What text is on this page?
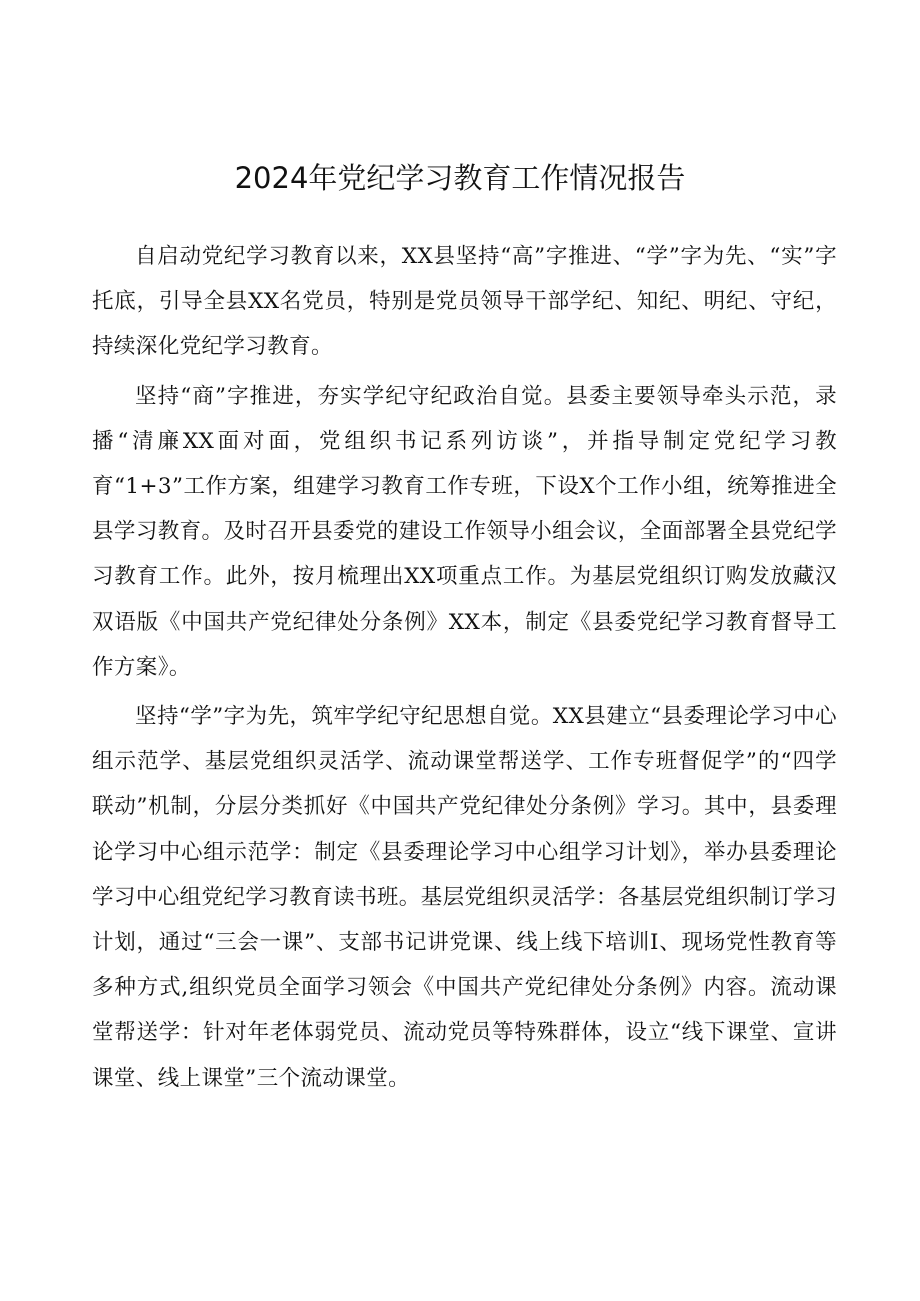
2024年党纪学习教育工作情况报告

自启动党纪学习教育以来，XX县坚持“高”字推进、“学”字为先、“实”字托底，引导全县XX名党员，特别是党员领导干部学纪、知纪、明纪、守纪，持续深化党纪学习教育。

坚持“商”字推进，夯实学纪守纪政治自觉。县委主要领导牵头示范，录播“清廉XX面对面，党组织书记系列访谈”，并指导制定党纪学习教育“1+3”工作方案，组建学习教育工作专班，下设X个工作小组，统筹推进全县学习教育。及时召开县委党的建设工作领导小组会议，全面部署全县党纪学习教育工作。此外，按月梳理出XX项重点工作。为基层党组织订购发放藏汉双语版《中国共产党纪律处分条例》XX本，制定《县委党纪学习教育督导工作方案》。

坚持“学”字为先，筑牢学纪守纪思想自觉。XX县建立“县委理论学习中心组示范学、基层党组织灵活学、流动课堂帮送学、工作专班督促学”的“四学联动”机制，分层分类抓好《中国共产党纪律处分条例》学习。其中，县委理论学习中心组示范学：制定《县委理论学习中心组学习计划》，举办县委理论学习中心组党纪学习教育读书班。基层党组织灵活学：各基层党组织制订学习计划，通过“三会一课”、支部书记讲党课、线上线下培训I、现场党性教育等多种方式,组织党员全面学习领会《中国共产党纪律处分条例》内容。流动课堂帮送学：针对年老体弱党员、流动党员等特殊群体，设立“线下课堂、宣讲课堂、线上课堂”三个流动课堂。
